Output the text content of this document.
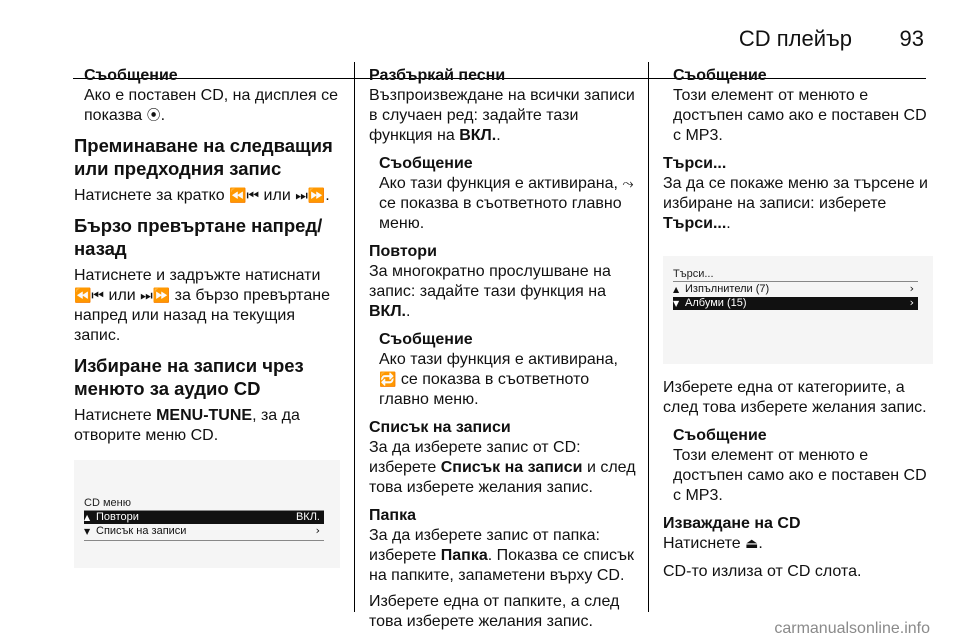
CD плейър 93

Съобщение

Ако е поставен CD, на дисплея се показва ⦿.

Преминаване на следващия или предходния запис

Натиснете за кратко ⏪⏮ или ⏭⏩.

Бързо превъртане напред/назад

Натиснете и задръжте натиснати ⏪⏮ или ⏭⏩ за бързо превъртане напред или назад на текущия запис.

Избиране на записи чрез менюто за аудио CD

Натиснете MENU-TUNE, за да отворите меню CD.

CD меню
▲ Повтори	ВКЛ.
▼ Списък на записи	›

Разбъркай песни

Възпроизвеждане на всички записи в случаен ред: задайте тази функция на ВКЛ..

Съобщение

Ако тази функция е активирана, ⤳ се показва в съответното главно меню.

Повтори

За многократно прослушване на запис: задайте тази функция на ВКЛ..

Съобщение

Ако тази функция е активирана, 🔁 се показва в съответното главно меню.

Списък на записи

За да изберете запис от CD: изберете Списък на записи и след това изберете желания запис.

Папка

За да изберете запис от папка: изберете Папка. Показва се списък на папките, запаметени върху CD.

Изберете една от папките, а след това изберете желания запис.

Съобщение

Този елемент от менюто е достъпен само ако е поставен CD с MP3.

Търси...

За да се покаже меню за търсене и избиране на записи: изберете Търси....

Търси...
▲ Изпълнители (7)	›
▼ Албуми (15)	›

Изберете една от категориите, а след това изберете желания запис.

Съобщение

Този елемент от менюто е достъпен само ако е поставен CD с MP3.

Изваждане на CD

Натиснете ⏏.

CD-то излиза от CD слота.

carmanualsonline.info
